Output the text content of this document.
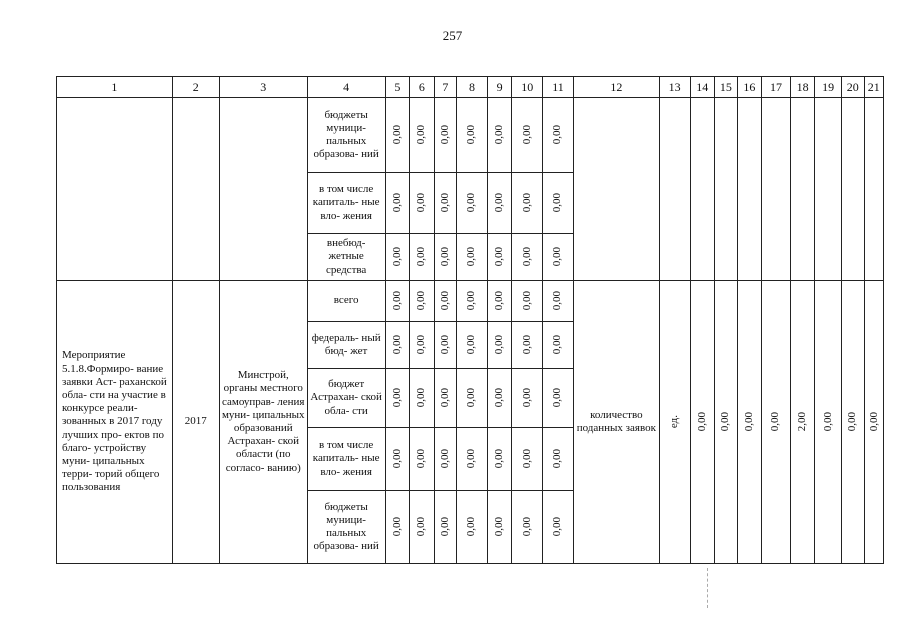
257
1	2	3	4	5	6	7	8	9	10	11	12	13	14	15	16	17	18	19	20	21
			бюджеты муници- пальных образова- ний	0,00	0,00	0,00	0,00	0,00	0,00	0,00										
			в том числе капиталь- ные вло- жения	0,00	0,00	0,00	0,00	0,00	0,00	0,00										
			внебюд- жетные средства	0,00	0,00	0,00	0,00	0,00	0,00	0,00										
Мероприятие 5.1.8.Формиро- вание заявки Аст- раханской обла- сти на участие в конкурсе реали- зованных в 2017 году лучших про- ектов по благо- устройству муни- ципальных терри- торий общего пользования	2017	Минстрой, органы местного самоуправ- ления муни- ципальных образований Астрахан- ской области (по согласо- ванию)	всего	0,00	0,00	0,00	0,00	0,00	0,00	0,00	количество поданных заявок	ед.	0,00	0,00	0,00	0,00	2,00	0,00	0,00	0,00
			федераль- ный бюд- жет	0,00	0,00	0,00	0,00	0,00	0,00	0,00										
			бюджет Астрахан- ской обла- сти	0,00	0,00	0,00	0,00	0,00	0,00	0,00										
			в том числе капиталь- ные вло- жения	0,00	0,00	0,00	0,00	0,00	0,00	0,00										
			бюджеты муници- пальных образова- ний	0,00	0,00	0,00	0,00	0,00	0,00	0,00										
